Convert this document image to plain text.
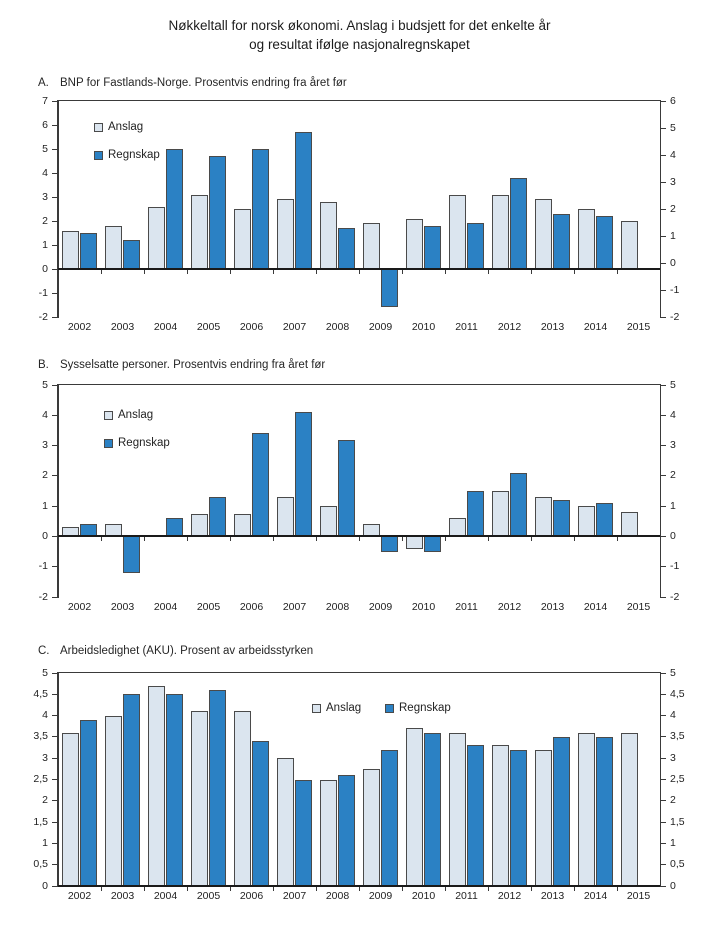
Nøkkeltall for norsk økonomi. Anslag i budsjett for det enkelte år
og resultat ifølge nasjonalregnskapet
A. BNP for Fastlands-Norge. Prosentvis endring fra året før
7
6
5
4
3
2
1
0
-1
-2
6
5
4
3
2
1
0
-1
-2
2002	2003	2004	2005	2006	2007	2008	2009	2010	2011	2012	2013	2014	2015
Anslag
Regnskap
B. Sysselsatte personer. Prosentvis endring fra året før
5
4
3
2
1
0
-1
-2
5
4
3
2
1
0
-1
-2
2002	2003	2004	2005	2006	2007	2008	2009	2010	2011	2012	2013	2014	2015
Anslag
Regnskap
C. Arbeidsledighet (AKU). Prosent av arbeidsstyrken
5
4,5
4
3,5
3
2,5
2
1,5
1
0,5
0
5
4,5
4
3,5
3
2,5
2
1,5
1
0,5
0
2002	2003	2004	2005	2006	2007	2008	2009	2010	2011	2012	2013	2014	2015
Anslag	Regnskap
